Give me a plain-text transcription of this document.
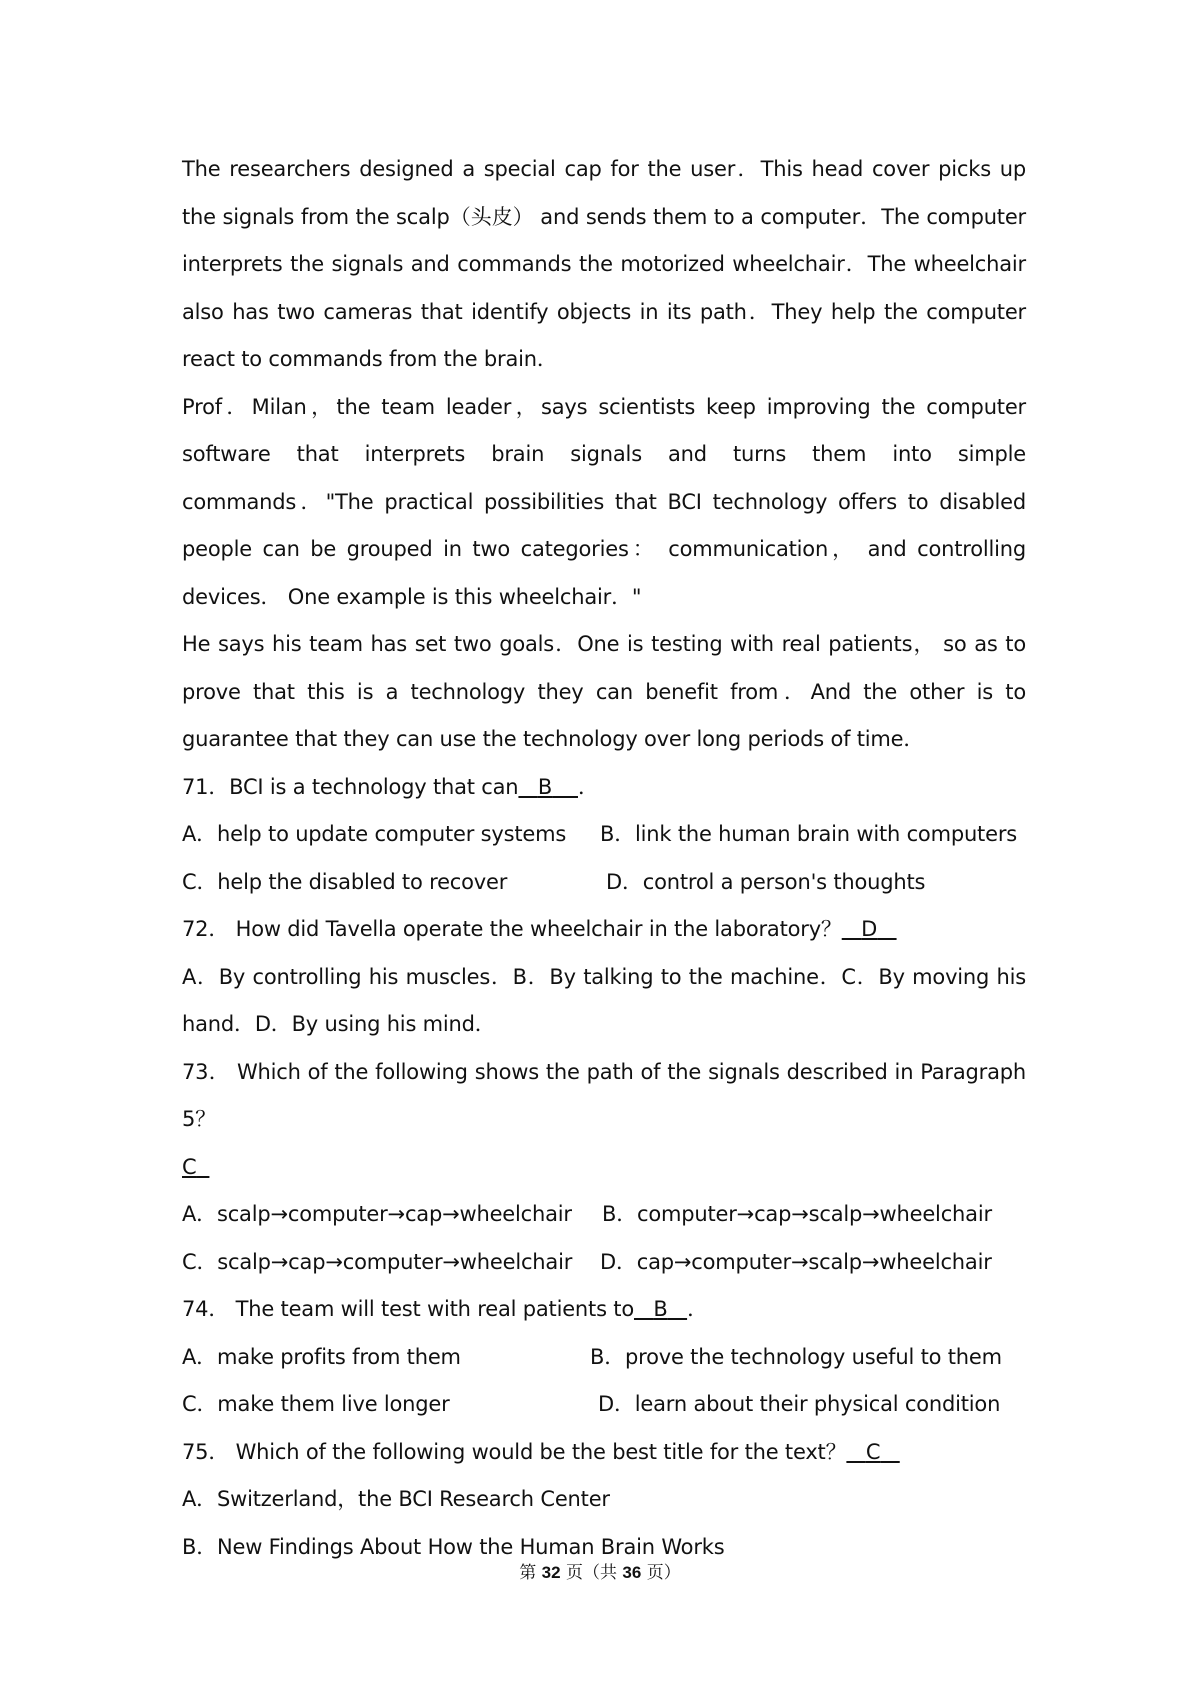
The researchers designed a special cap for the user．This head cover picks up the signals from the scalp（头皮） and sends them to a computer．The computer interprets the signals and commands the motorized wheelchair．The wheelchair also has two cameras that identify objects in its path．They help the computer react to commands from the brain．

Prof．Milan，the team leader，says scientists keep improving the computer software that interprets brain signals and turns them into simple commands．"The practical possibilities that BCI technology offers to disabled people can be grouped in two categories： communication， and controlling devices． One example is this wheelchair．"

He says his team has set two goals．One is testing with real patients， so as to prove that this is a technology they can benefit from．And the other is to guarantee that they can use the technology over long periods of time．

71．BCI is a technology that can B ．
A．help to update computer systems B．link the human brain with computers
C．help the disabled to recover	D．control a person's thoughts
72． How did Tavella operate the wheelchair in the laboratory？ D

A．By controlling his muscles．B．By talking to the machine．C．By moving his hand．D．By using his mind．

73． Which of the following shows the path of the signals described in Paragraph 5？

C
A．scalp→computer→cap→wheelchair B．computer→cap→scalp→wheelchair
C．scalp→cap→computer→wheelchair D．cap→computer→scalp→wheelchair
74． The team will test with real patients to B ．
A．make profits from them	B．prove the technology useful to them
C．make them live longer	D．learn about their physical condition
75． Which of the following would be the best title for the text？ C
A．Switzerland，the BCI Research Center
B．New Findings About How the Human Brain Works
第 32 页（共 36 页）
